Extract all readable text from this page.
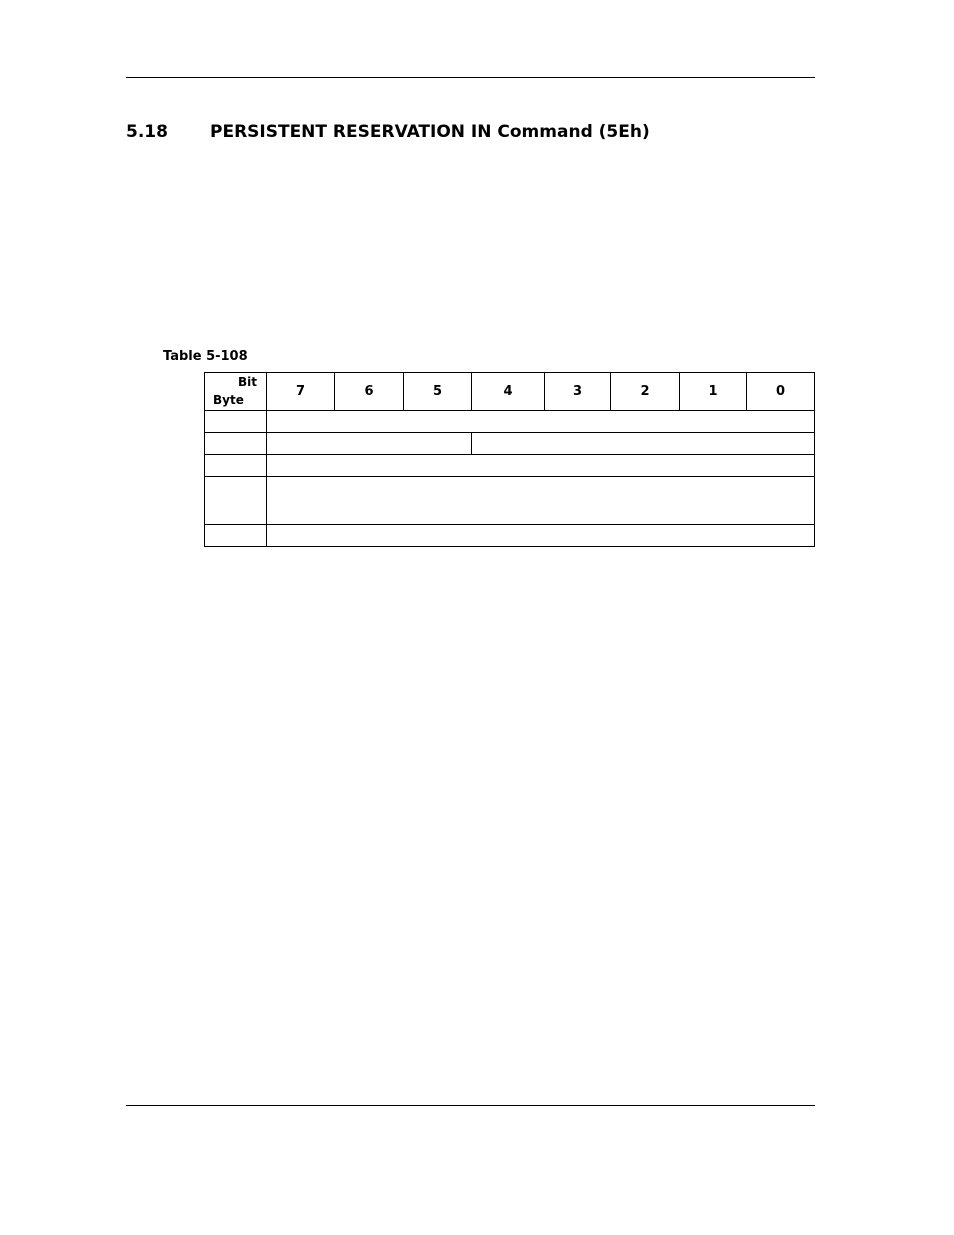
5.18 PERSISTENT RESERVATION IN Command (5Eh)
Table 5-108
Bit
Byte	7	6	5	4	3	2	1	0
